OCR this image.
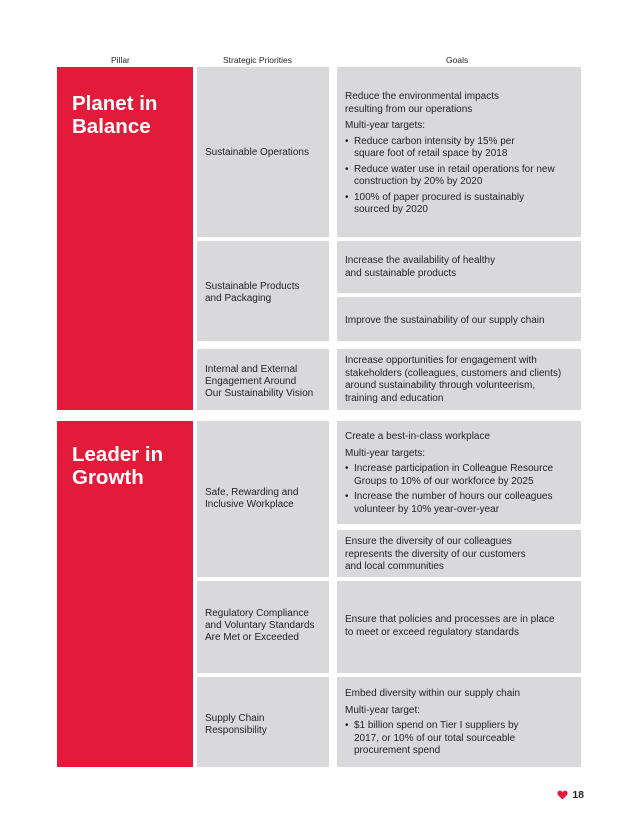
Pillar	Strategic Priorities	Goals
Planet in
Balance
Leader in
Growth
Sustainable Operations
Sustainable Products
and Packaging
Internal and External
Engagement Around
Our Sustainability Vision
Safe, Rewarding and
Inclusive Workplace
Regulatory Compliance
and Voluntary Standards
Are Met or Exceeded
Supply Chain
Responsibility

Reduce the environmental impacts
resulting from our operations

Multi-year targets:

• Reduce carbon intensity by 15% per
square foot of retail space by 2018
• Reduce water use in retail operations for new
construction by 20% by 2020
• 100% of paper procured is sustainably
sourced by 2020

Increase the availability of healthy
and sustainable products

Improve the sustainability of our supply chain

Increase opportunities for engagement with
stakeholders (colleagues, customers and clients)
around sustainability through volunteerism,
training and education

Create a best-in-class workplace

Multi-year targets:

• Increase participation in Colleague Resource
Groups to 10% of our workforce by 2025
• Increase the number of hours our colleagues
volunteer by 10% year-over-year

Ensure the diversity of our colleagues
represents the diversity of our customers
and local communities

Ensure that policies and processes are in place
to meet or exceed regulatory standards

Embed diversity within our supply chain

Multi-year target:

• $1 billion spend on Tier I suppliers by
2017, or 10% of our total sourceable
procurement spend
18
